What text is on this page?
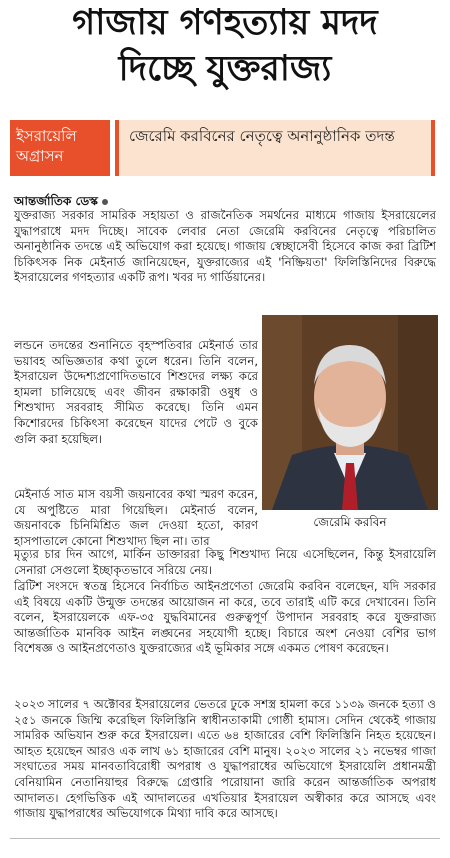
গাজায় গণহত্যায় মদদ
দিচ্ছে যুক্তরাজ্য
ইসরায়েলি অগ্রাসন
জেরেমি করবিনের নেতৃত্বে অনানুষ্ঠানিক তদন্ত
আন্তর্জাতিক ডেস্ক
যুক্তরাজ্য সরকার সামরিক সহায়তা ও রাজনৈতিক সমর্থনের মাধ্যমে গাজায় ইসরায়েলের যুদ্ধাপরাধে মদদ দিচ্ছে। সাবেক লেবার নেতা জেরেমি করবিনের নেতৃত্বে পরিচালিত অনানুষ্ঠানিক তদন্তে এই অভিযোগ করা হয়েছে। গাজায় স্বেচ্ছাসেবী হিসেবে কাজ করা ব্রিটিশ চিকিৎসক নিক মেইনার্ড জানিয়েছেন, যুক্তরাজ্যের এই 'নিষ্ক্রিয়তা' ফিলিস্তিনিদের বিরুদ্ধে ইসরায়েলের গণহত্যার একটি রূপ। খবর দ্য গার্ডিয়ানের।
লন্ডনে তদন্তের শুনানিতে বৃহস্পতিবার মেইনার্ড তার ভয়াবহ অভিজ্ঞতার কথা তুলে ধরেন। তিনি বলেন, ইসরায়েল উদ্দেশ্যপ্রণোদিতভাবে শিশুদের লক্ষ্য করে হামলা চালিয়েছে এবং জীবন রক্ষাকারী ওষুধ ও শিশুখাদ্য সরবরাহ সীমিত করেছে। তিনি এমন কিশোরদের চিকিৎসা করেছেন যাদের পেটে ও বুকে গুলি করা হয়েছিল।
মেইনার্ড সাত মাস বয়সী জয়নাবের কথা স্মরণ করেন, যে অপুষ্টিতে মারা গিয়েছিল। মেইনার্ড বলেন, জয়নাবকে চিনিমিশ্রিত জল দেওয়া হতো, কারণ হাসপাতালে কোনো শিশুখাদ্য ছিল না। তার
মৃত্যুর চার দিন আগে, মার্কিন ডাক্তাররা কিছু শিশুখাদ্য নিয়ে এসেছিলেন, কিন্তু ইসরায়েলি সেনারা সেগুলো ইচ্ছাকৃতভাবে সরিয়ে নেয়।
ব্রিটিশ সংসদে স্বতন্ত্র হিসেবে নির্বাচিত আইনপ্রণেতা জেরেমি করবিন বলেছেন, যদি সরকার এই বিষয়ে একটি উন্মুক্ত তদন্তের আয়োজন না করে, তবে তারাই এটি করে দেখাবেন। তিনি বলেন, ইসরায়েলকে এফ-৩৫ যুদ্ধবিমানের গুরুত্বপূর্ণ উপাদান সরবরাহ করে যুক্তরাজ্য আন্তর্জাতিক মানবিক আইন লঙ্ঘনের সহযোগী হচ্ছে। বিচারে অংশ নেওয়া বেশির ভাগ বিশেষজ্ঞ ও আইনপ্রণেতাও যুক্তরাজ্যের এই ভূমিকার সঙ্গে একমত পোষণ করেছেন।
২০২৩ সালের ৭ অক্টোবর ইসরায়েলের ভেতরে ঢুকে সশস্ত্র হামলা করে ১১৩৯ জনকে হত্যা ও ২৫১ জনকে জিম্মি করেছিল ফিলিস্তিনি স্বাধীনতাকামী গোষ্ঠী হামাস। সেদিন থেকেই গাজায় সামরিক অভিযান শুরু করে ইসরায়েল। এতে ৬৪ হাজারের বেশি ফিলিস্তিনি নিহত হয়েছেন। আহত হয়েছেন আরও এক লাখ ৬১ হাজারের বেশি মানুষ। ২০২৩ সালের ২১ নভেম্বর গাজা সংঘাতের সময় মানবতাবিরোধী অপরাধ ও যুদ্ধাপরাধের অভিযোগে ইসরায়েলি প্রধানমন্ত্রী বেনিয়ামিন নেতানিয়াহুর বিরুদ্ধে গ্রেপ্তারি পরোয়ানা জারি করেন আন্তর্জাতিক অপরাধ আদালত। হেগভিত্তিক এই আদালতের এখতিয়ার ইসরায়েল অস্বীকার করে আসছে এবং গাজায় যুদ্ধাপরাধের অভিযোগকে মিথ্যা দাবি করে আসছে।
জেরেমি করবিন
